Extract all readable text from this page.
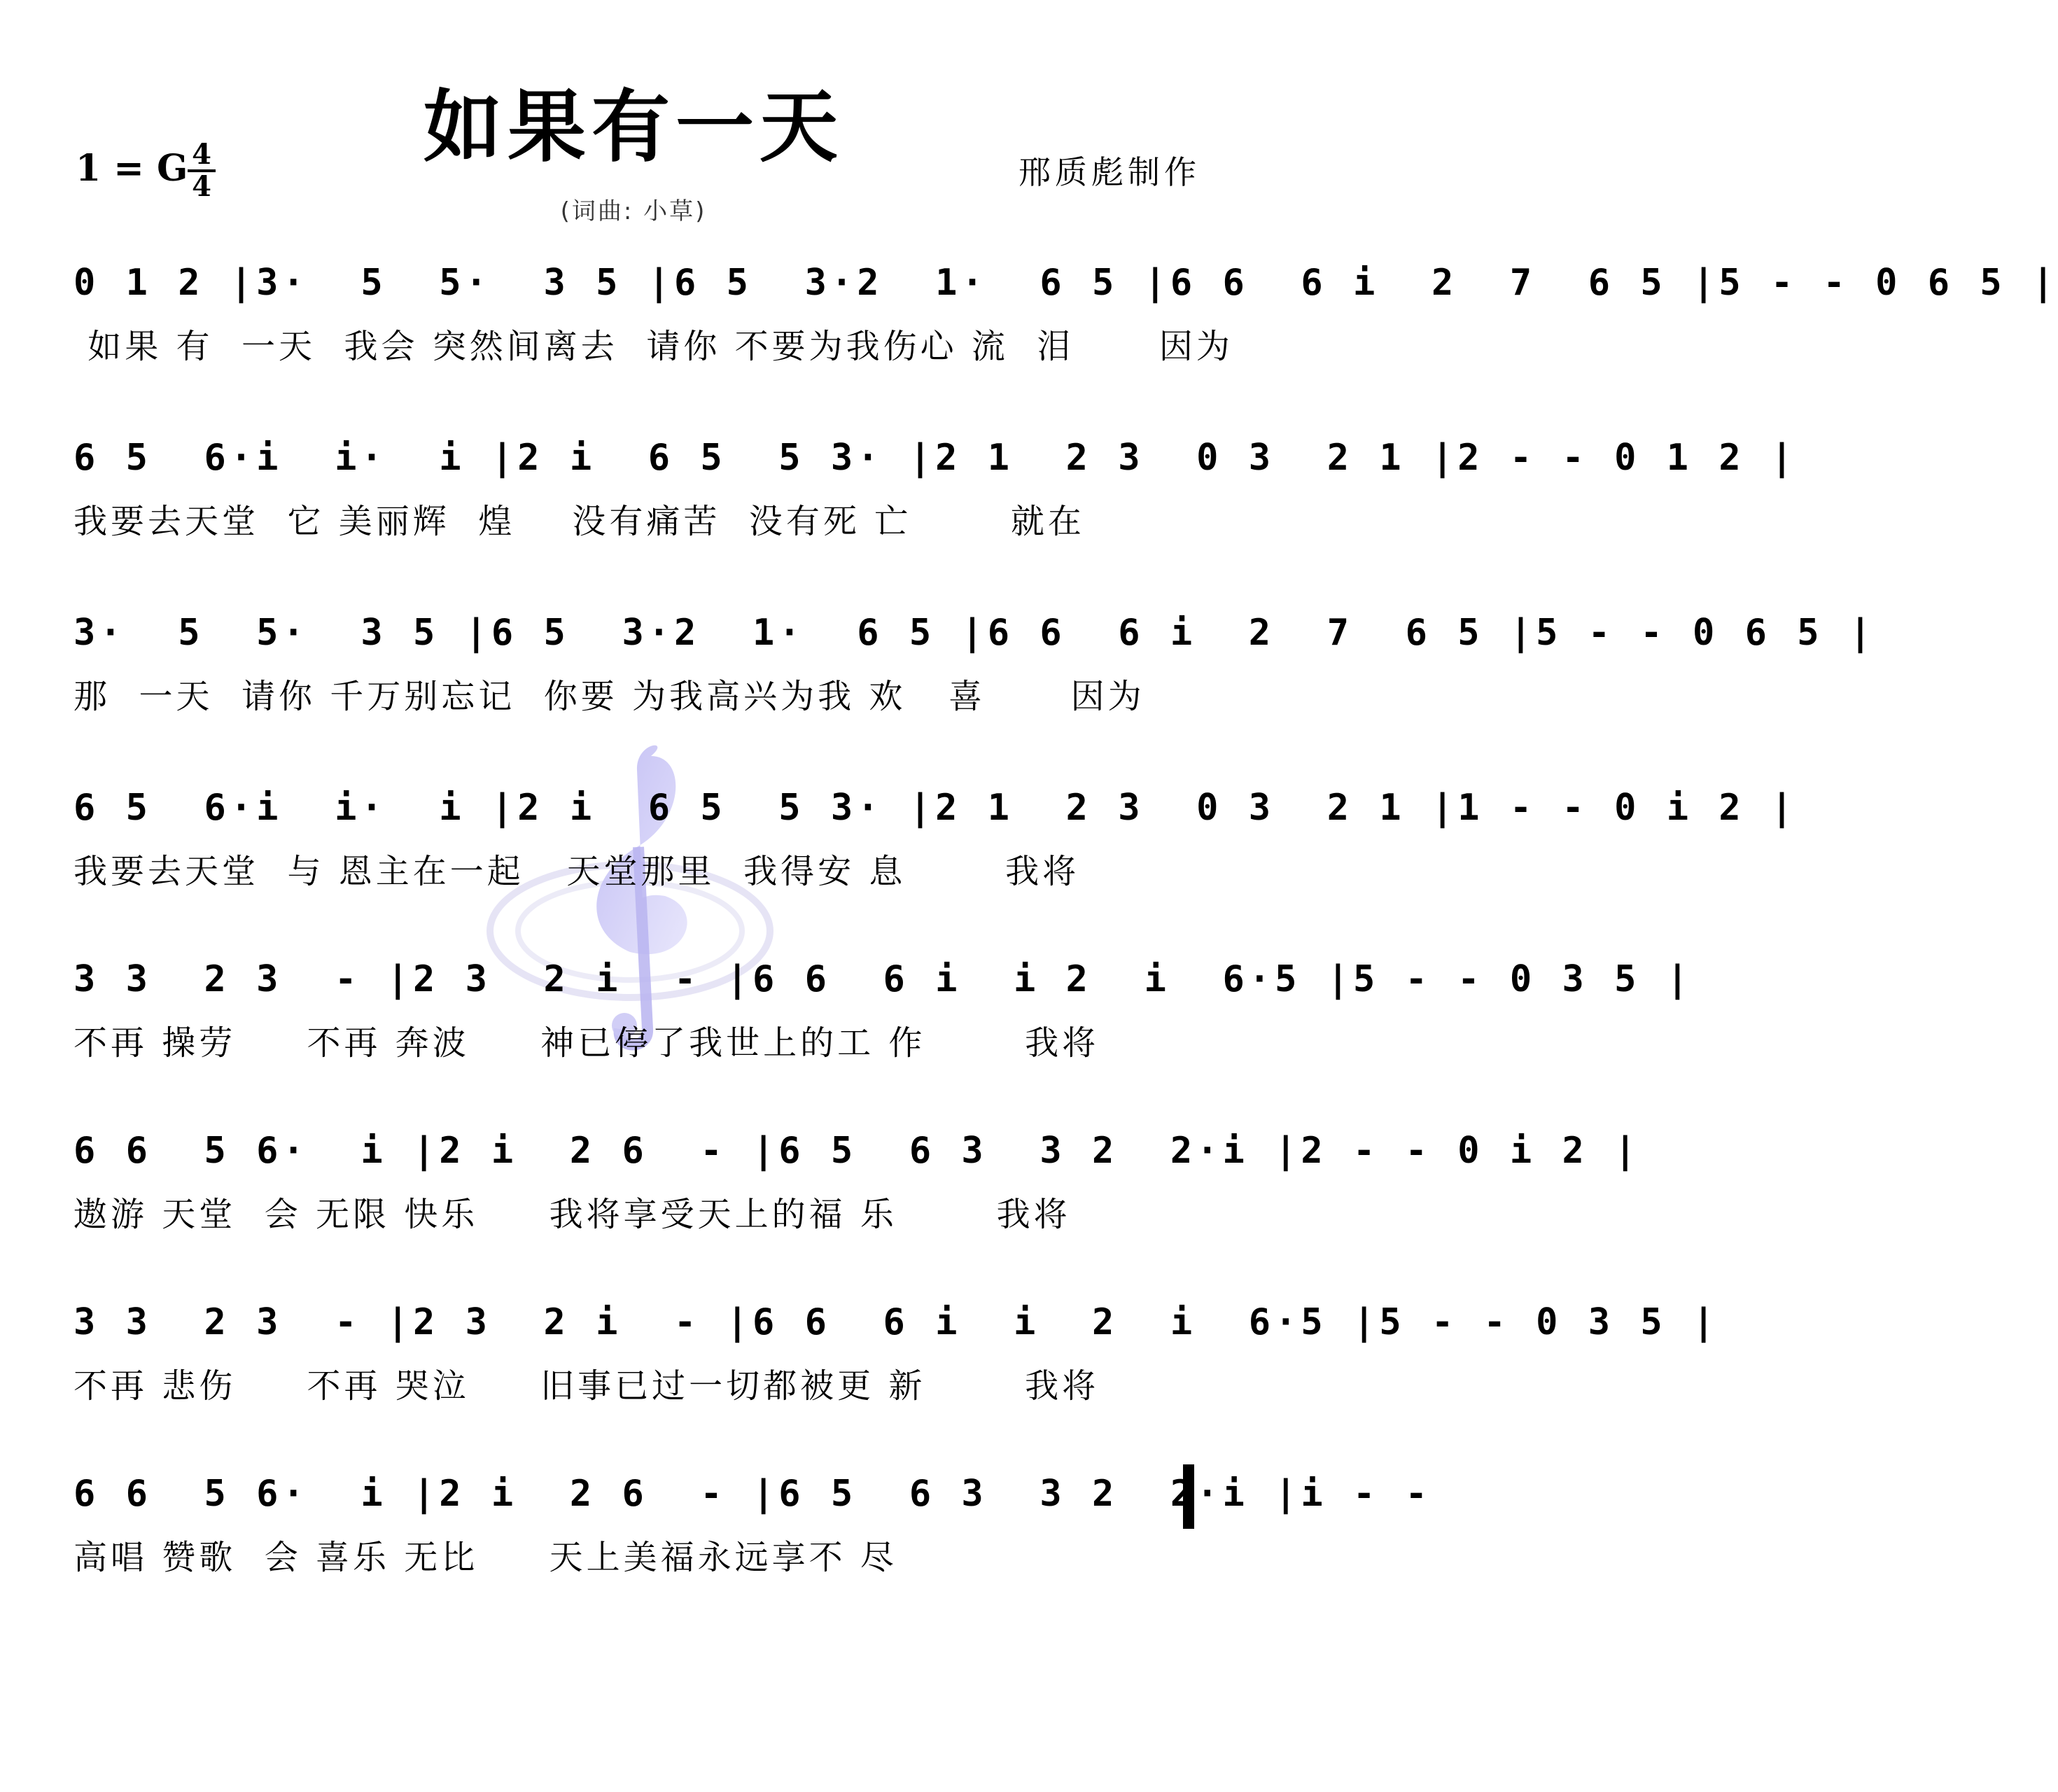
如果有一天
1 = G 4
4	邢质彪制作
(词曲: 小草)
0 1 2 |3·  5  5·  3 5 |6 5  3·2  1·  6 5 |6 6  6 i  2  7  6 5 |5 - - 0 6 5 |
如果 有  一天  我会 突然间离去  请你 不要为我伤心 流  泪      因为
6 5  6·i  i·  i |2 i  6 5  5 3· |2 1  2 3  0 3  2 1 |2 - - 0 1 2 |
我要去天堂  它 美丽辉  煌    没有痛苦  没有死 亡       就在
3·  5  5·  3 5 |6 5  3·2  1·  6 5 |6 6  6 i  2  7  6 5 |5 - - 0 6 5 |
那  一天  请你 千万别忘记  你要 为我高兴为我 欢   喜      因为
6 5  6·i  i·  i |2 i  6 5  5 3· |2 1  2 3  0 3  2 1 |1 - - 0 i 2 |
我要去天堂  与 恩主在一起   天堂那里  我得安 息       我将
3 3  2 3  - |2 3  2 i  - |6 6  6 i  i 2  i  6·5 |5 - - 0 3 5 |
不再 操劳     不再 奔波     神已停了我世上的工 作       我将
6 6  5 6·  i |2 i  2 6  - |6 5  6 3  3 2  2·i |2 - - 0 i 2 |
遨游 天堂  会 无限 快乐     我将享受天上的福 乐       我将
3 3  2 3  - |2 3  2 i  - |6 6  6 i  i  2  i  6·5 |5 - - 0 3 5 |
不再 悲伤     不再 哭泣     旧事已过一切都被更 新       我将
6 6  5 6·  i |2 i  2 6  - |6 5  6 3  3 2  2·i |i - -
高唱 赞歌  会 喜乐 无比     天上美福永远享不 尽
